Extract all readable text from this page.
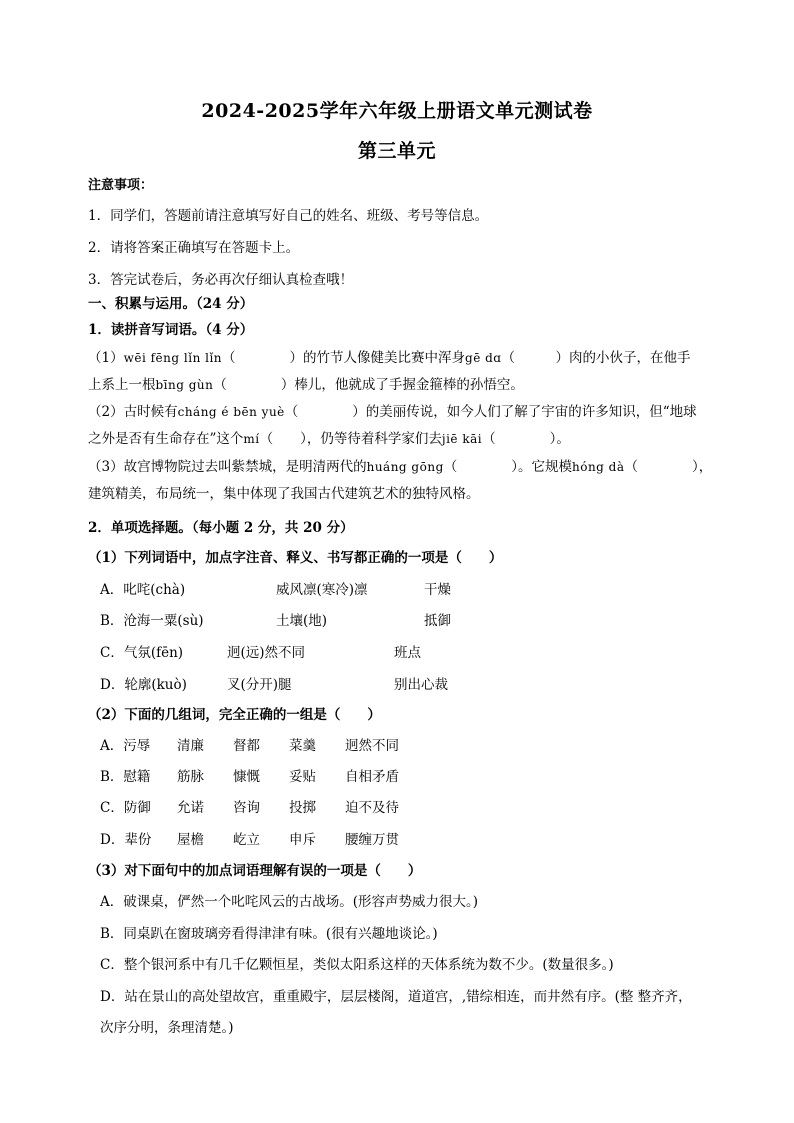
2024-2025学年六年级上册语文单元测试卷
第三单元
注意事项：
1．同学们，答题前请注意填写好自己的姓名、班级、考号等信息。
2．请将答案正确填写在答题卡上。
3．答完试卷后，务必再次仔细认真检查哦！
一、积累与运用。（24 分）
1．读拼音写词语。（4 分）
（1）wēi fēng lǐn lǐn（　　　　）的竹节人像健美比赛中浑身gē dɑ（　　　）肉的小伙子，在他手
上系上一根bīng gùn（　　　　）棒儿，他就成了手握金箍棒的孙悟空。
（2）古时候有cháng é bēn yuè（　　　　）的美丽传说，如今人们了解了宇宙的许多知识，但“地球
之外是否有生命存在”这个mí（　　），仍等待着科学家们去jiē kāi（　　　　）。
（3）故宫博物院过去叫紫禁城，是明清两代的huáng gōng（　　　　）。它规模hóng dà（　　　　），
建筑精美，布局统一，集中体现了我国古代建筑艺术的独特风格。
2．单项选择题。（每小题 2 分，共 20 分）
（1）下列词语中，加点字注音、释义、书写都正确的一项是（　　）
A．叱咤(chà)	威风凛(寒冷)凛	干燥
B．沧海一粟(sù)	土壤(地)	抵御
C．气氛(fēn)	迥(远)然不同	班点
D．轮廓(kuò)	叉(分开)腿	别出心裁
（2）下面的几组词，完全正确的一组是（　　）
A．污辱 清廉 督都 菜羹 迥然不同
B．慰籍 筋脉 慷慨 妥贴 自相矛盾
C．防御 允诺 咨询 投掷 迫不及待
D．辈份 屋檐 屹立 申斥 腰缠万贯
（3）对下面句中的加点词语理解有误的一项是（　　）
A．破课桌，俨然一个叱咤风云的古战场。(形容声势威力很大。)
B．同桌趴在窗玻璃旁看得津津有味。(很有兴趣地谈论。)
C．整个银河系中有几千亿颗恒星，类似太阳系这样的天体系统为数不少。(数量很多。)
D．站在景山的高处望故宫，重重殿宇，层层楼阁，道道宫，,错综相连，而井然有序。(整 整齐齐，
次序分明，条理清楚。)
